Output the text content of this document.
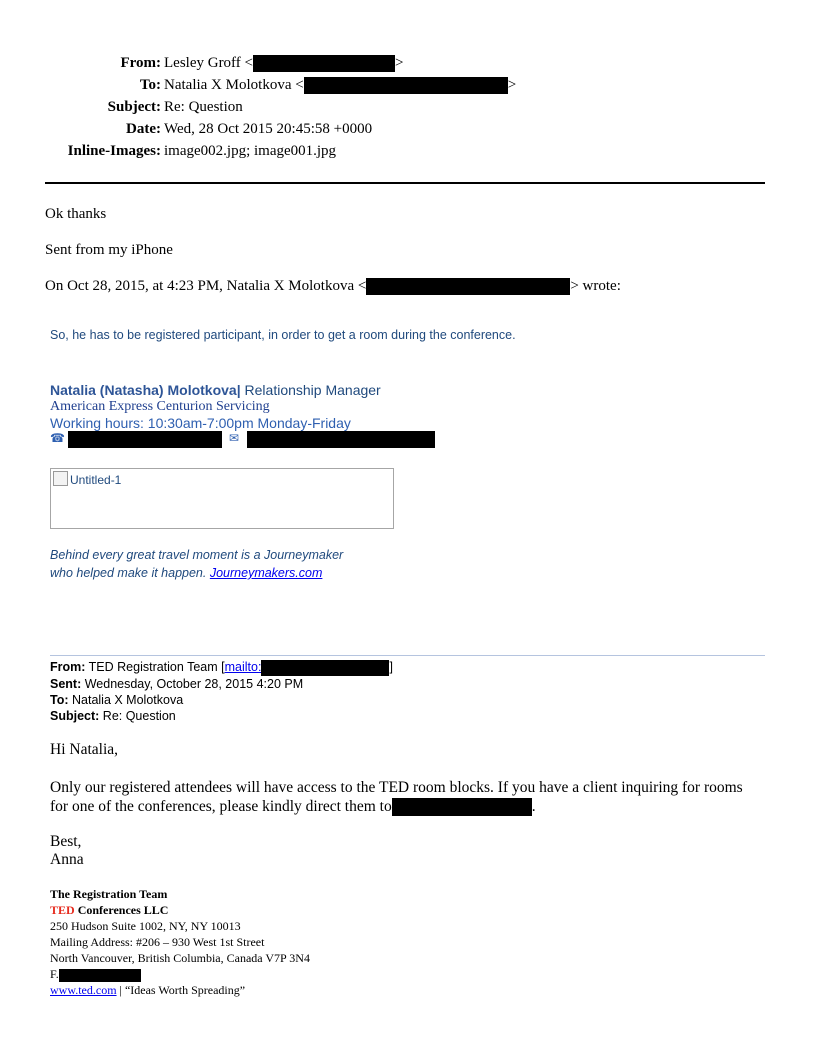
From: Lesley Groff <	>
To: Natalia X Molotkova <	>
Subject: Re: Question
Date: Wed, 28 Oct 2015 20:45:58 +0000
Inline-Images: image002.jpg; image001.jpg
Ok thanks
Sent from my iPhone
On Oct 28, 2015, at 4:23 PM, Natalia X Molotkova <	> wrote:
So, he has to be registered participant, in order to get a room during the conference.
Natalia (Natasha) Molotkova| Relationship Manager
American Express Centurion Servicing
Working hours: 10:30am-7:00pm Monday-Friday
☎	✉
Untitled-1
Behind every great travel moment is a Journeymaker
who helped make it happen. Journeymakers.com
From: TED Registration Team [mailto:	]
Sent: Wednesday, October 28, 2015 4:20 PM
To: Natalia X Molotkova
Subject: Re: Question
Hi Natalia,
Only our registered attendees will have access to the TED room blocks. If you have a client inquiring for rooms
for one of the conferences, please kindly direct them to	.
Best,
Anna
The Registration Team
TED Conferences LLC
250 Hudson Suite 1002, NY, NY 10013
Mailing Address: #206 – 930 West 1st Street
North Vancouver, British Columbia, Canada V7P 3N4
F.
www.ted.com | “Ideas Worth Spreading”
